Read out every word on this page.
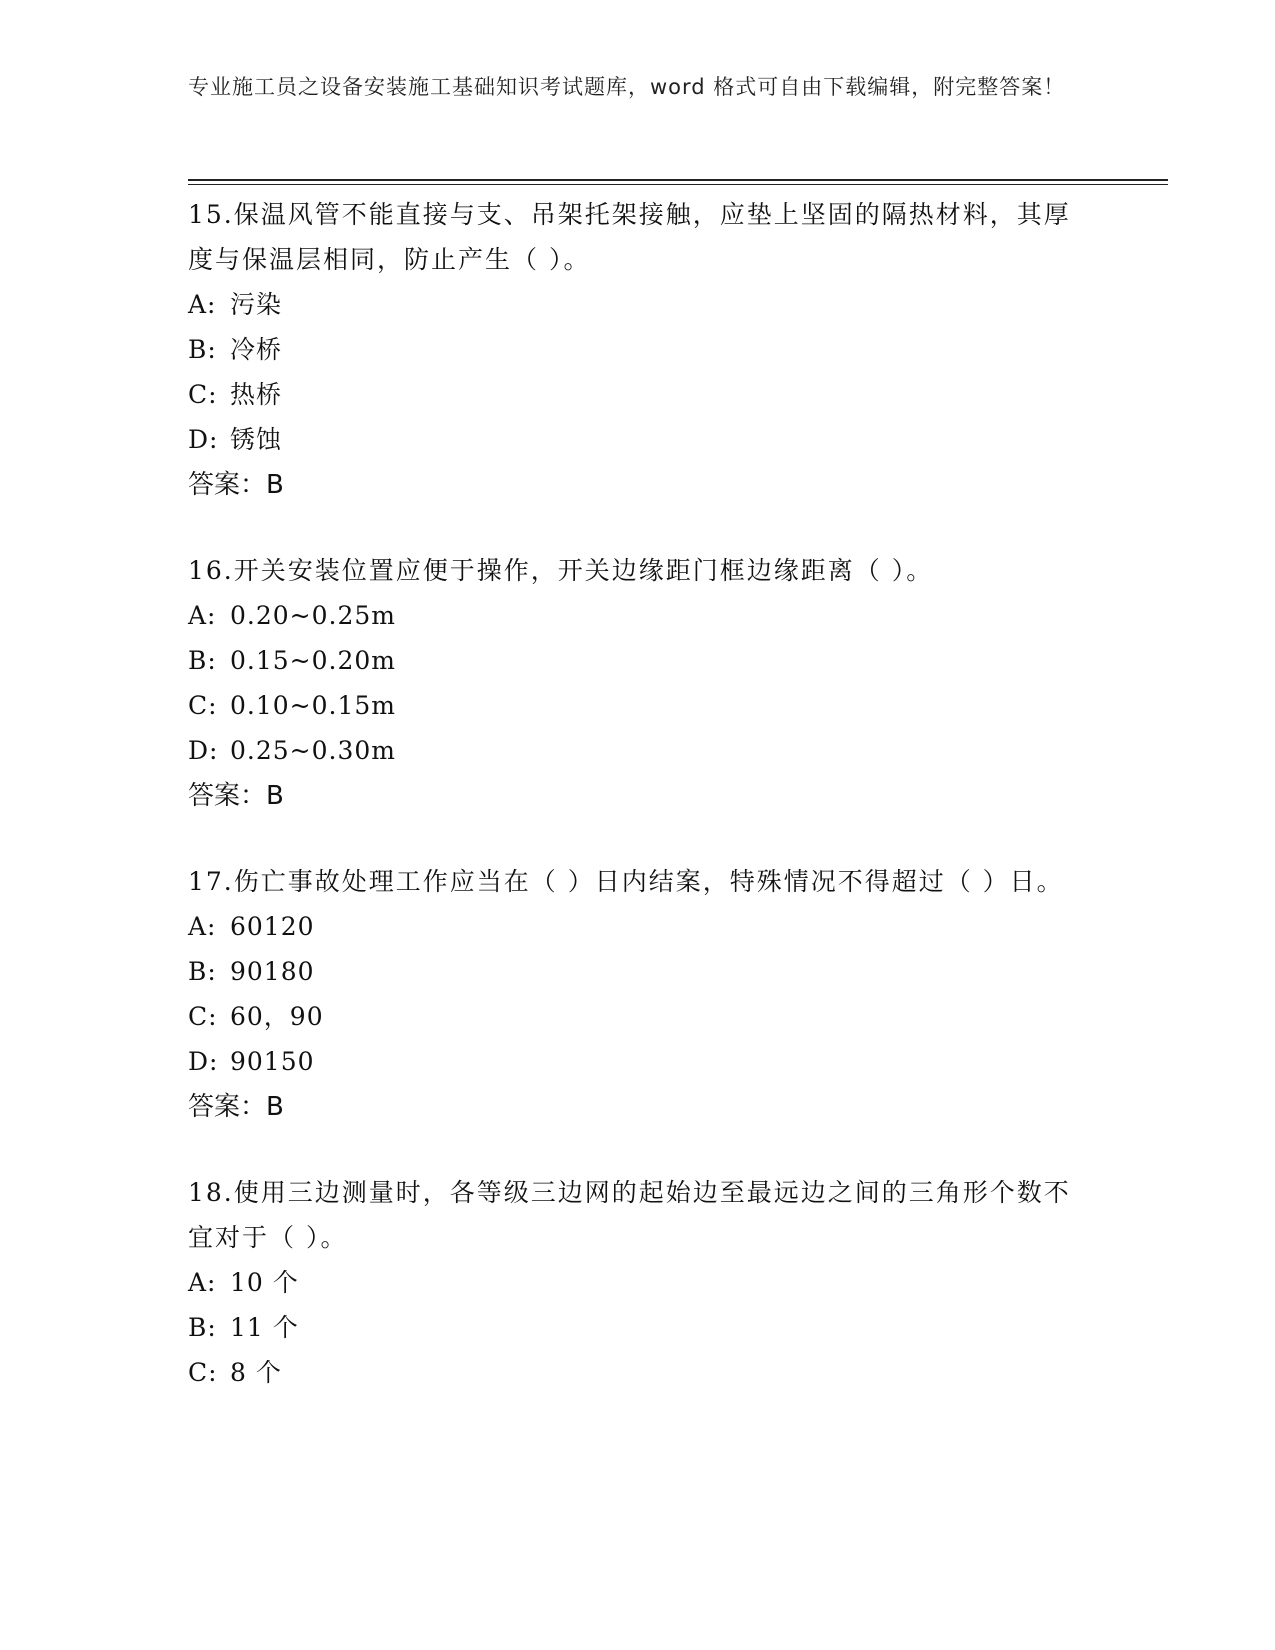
专业施工员之设备安装施工基础知识考试题库，word 格式可自由下载编辑，附完整答案！

15.保温风管不能直接与支、吊架托架接触，应垫上坚固的隔热材料，其厚度与保温层相同，防止产生（ ）。

A: 污染

B: 冷桥

C: 热桥

D: 锈蚀

答案：B

16.开关安装位置应便于操作，开关边缘距门框边缘距离（ ）。

A: 0.20~0.25m

B: 0.15~0.20m

C: 0.10~0.15m

D: 0.25~0.30m

答案：B

17.伤亡事故处理工作应当在（ ）日内结案，特殊情况不得超过（ ）日。

A: 60120

B: 90180

C: 60，90

D: 90150

答案：B

18.使用三边测量时，各等级三边网的起始边至最远边之间的三角形个数不宜对于（ ）。

A: 10 个

B: 11 个

C: 8 个
